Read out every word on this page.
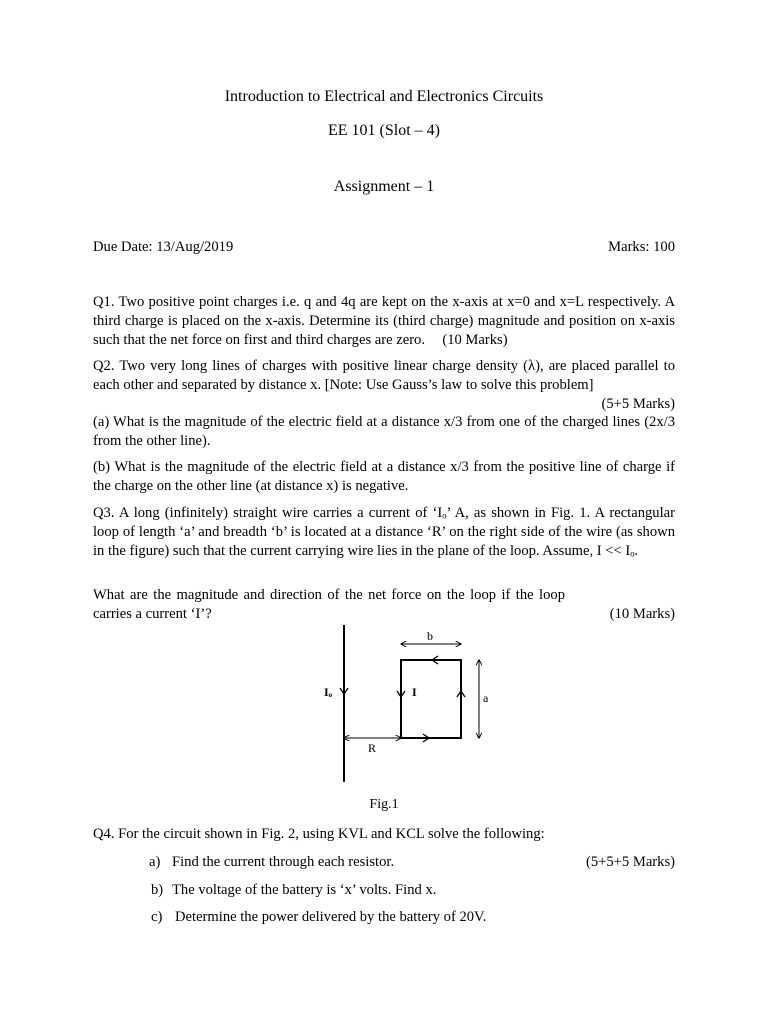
Introduction to Electrical and Electronics Circuits
EE 101 (Slot – 4)
Assignment – 1
Due Date: 13/Aug/2019	Marks: 100
Q1. Two positive point charges i.e. q and 4q are kept on the x-axis at x=0 and x=L respectively. A third charge is placed on the x-axis. Determine its (third charge) magnitude and position on x-axis such that the net force on first and third charges are zero. (10 Marks)
Q2. Two very long lines of charges with positive linear charge density (λ), are placed parallel to each other and separated by distance x. [Note: Use Gauss’s law to solve this problem]
(5+5 Marks)
(a) What is the magnitude of the electric field at a distance x/3 from one of the charged lines (2x/3 from the other line).
(b) What is the magnitude of the electric field at a distance x/3 from the positive line of charge if the charge on the other line (at distance x) is negative.
Q3. A long (infinitely) straight wire carries a current of ‘Iₒ’ A, as shown in Fig. 1. A rectangular loop of length ‘a’ and breadth ‘b’ is located at a distance ‘R’ on the right side of the wire (as shown in the figure) such that the current carrying wire lies in the plane of the loop. Assume, I << Iₒ.
What are the magnitude and direction of the net force on the loop if the loop carries a current ‘I’?	(10 Marks)
Iₒ	I
b
a
R
Fig.1
Q4. For the circuit shown in Fig. 2, using KVL and KCL solve the following:
a) Find the current through each resistor.	(5+5+5 Marks)
b) The voltage of the battery is ‘x’ volts. Find x.
c) Determine the power delivered by the battery of 20V.
